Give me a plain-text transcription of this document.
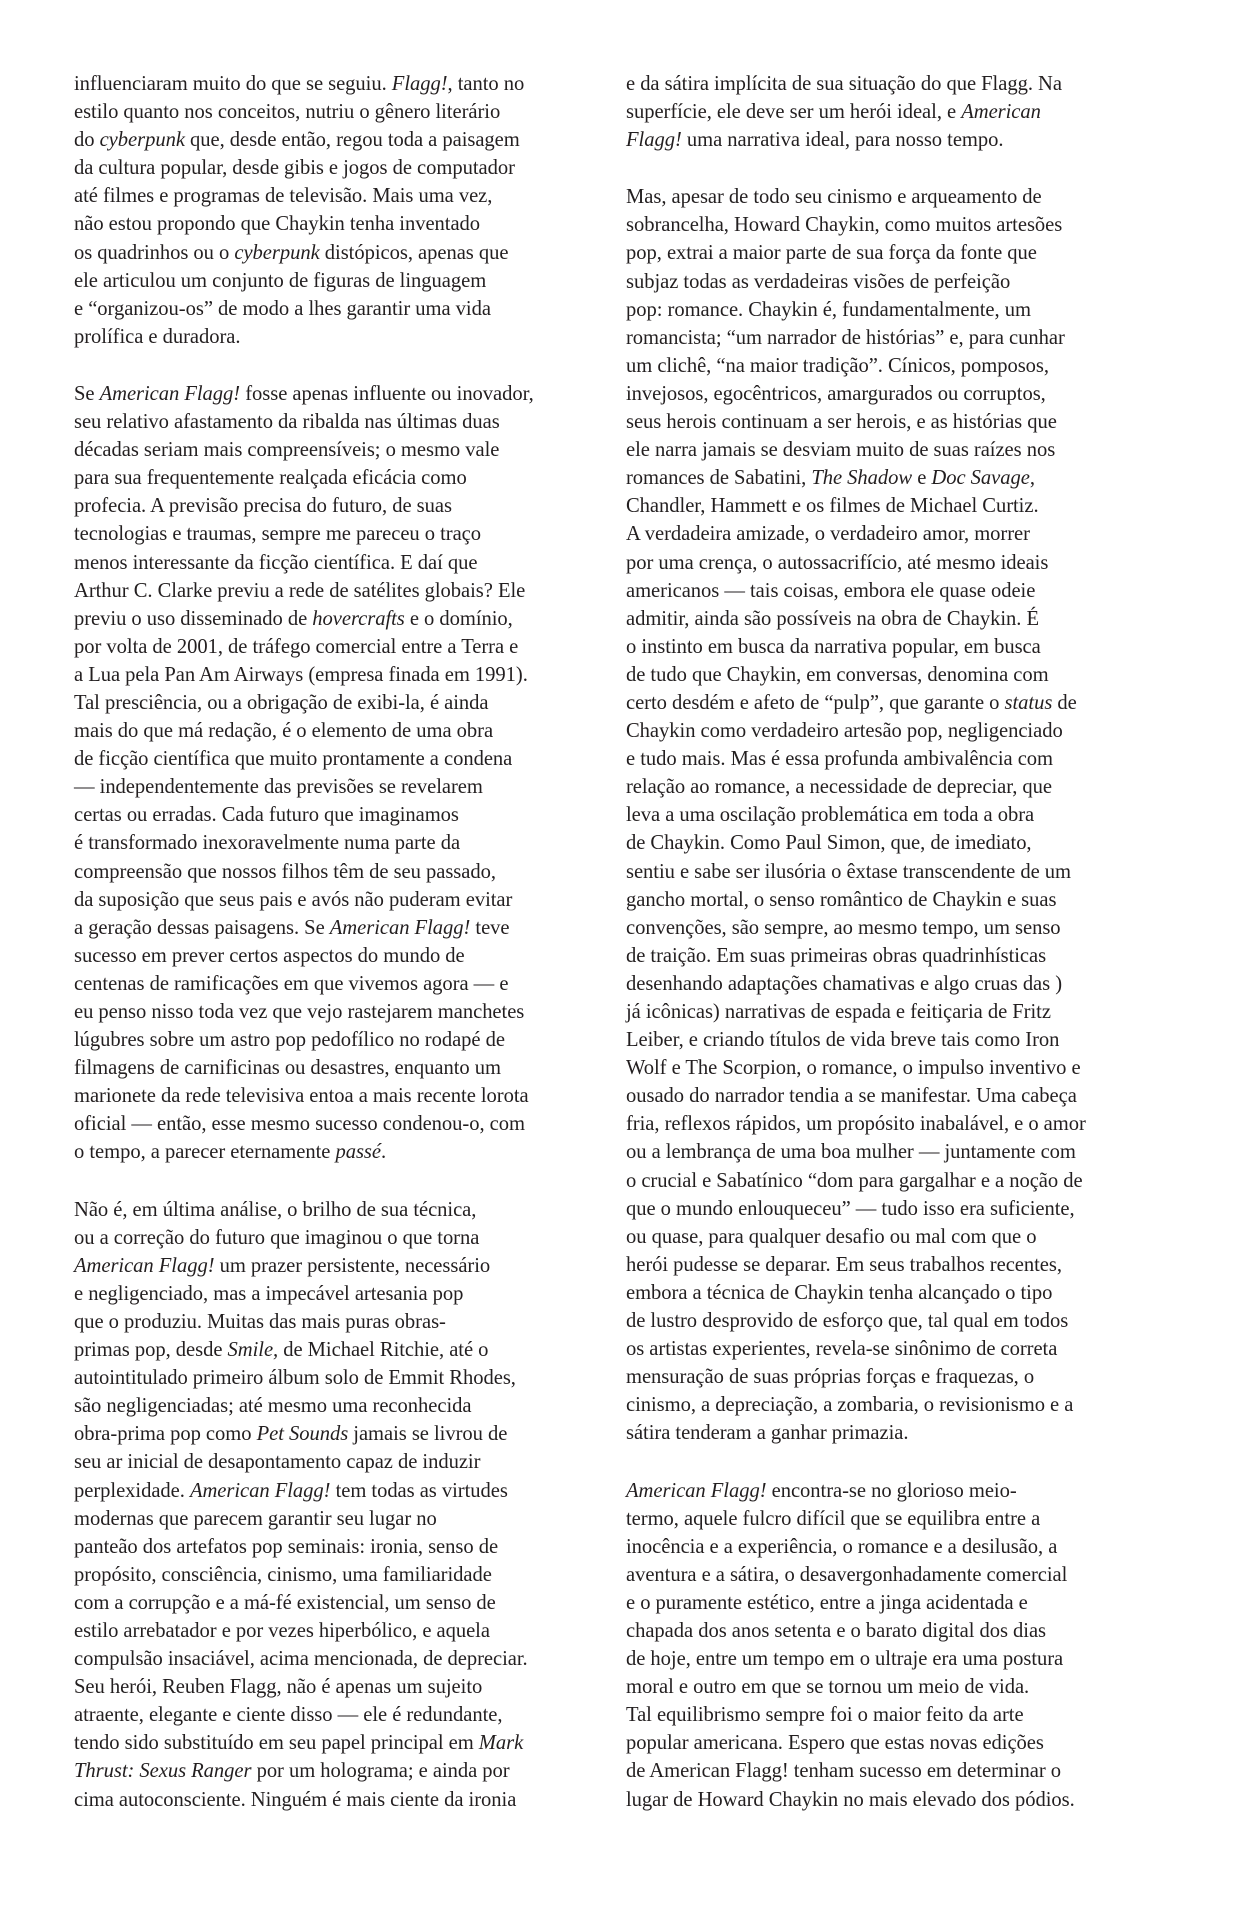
influenciaram muito do que se seguiu. Flagg!, tanto no
estilo quanto nos conceitos, nutriu o gênero literário
do cyberpunk que, desde então, regou toda a paisagem
da cultura popular, desde gibis e jogos de computador
até filmes e programas de televisão. Mais uma vez,
não estou propondo que Chaykin tenha inventado
os quadrinhos ou o cyberpunk distópicos, apenas que
ele articulou um conjunto de figuras de linguagem
e “organizou-os” de modo a lhes garantir uma vida
prolífica e duradora.
Se American Flagg! fosse apenas influente ou inovador,
seu relativo afastamento da ribalda nas últimas duas
décadas seriam mais compreensíveis; o mesmo vale
para sua frequentemente realçada eficácia como
profecia. A previsão precisa do futuro, de suas
tecnologias e traumas, sempre me pareceu o traço
menos interessante da ficção científica. E daí que
Arthur C. Clarke previu a rede de satélites globais? Ele
previu o uso disseminado de hovercrafts e o domínio,
por volta de 2001, de tráfego comercial entre a Terra e
a Lua pela Pan Am Airways (empresa finada em 1991).
Tal presciência, ou a obrigação de exibi-la, é ainda
mais do que má redação, é o elemento de uma obra
de ficção científica que muito prontamente a condena
— independentemente das previsões se revelarem
certas ou erradas. Cada futuro que imaginamos
é transformado inexoravelmente numa parte da
compreensão que nossos filhos têm de seu passado,
da suposição que seus pais e avós não puderam evitar
a geração dessas paisagens. Se American Flagg! teve
sucesso em prever certos aspectos do mundo de
centenas de ramificações em que vivemos agora — e
eu penso nisso toda vez que vejo rastejarem manchetes
lúgubres sobre um astro pop pedofílico no rodapé de
filmagens de carnificinas ou desastres, enquanto um
marionete da rede televisiva entoa a mais recente lorota
oficial — então, esse mesmo sucesso condenou-o, com
o tempo, a parecer eternamente passé.
Não é, em última análise, o brilho de sua técnica,
ou a correção do futuro que imaginou o que torna
American Flagg! um prazer persistente, necessário
e negligenciado, mas a impecável artesania pop
que o produziu. Muitas das mais puras obras-
primas pop, desde Smile, de Michael Ritchie, até o
autointitulado primeiro álbum solo de Emmit Rhodes,
são negligenciadas; até mesmo uma reconhecida
obra-prima pop como Pet Sounds jamais se livrou de
seu ar inicial de desapontamento capaz de induzir
perplexidade. American Flagg! tem todas as virtudes
modernas que parecem garantir seu lugar no
panteão dos artefatos pop seminais: ironia, senso de
propósito, consciência, cinismo, uma familiaridade
com a corrupção e a má-fé existencial, um senso de
estilo arrebatador e por vezes hiperbólico, e aquela
compulsão insaciável, acima mencionada, de depreciar.
Seu herói, Reuben Flagg, não é apenas um sujeito
atraente, elegante e ciente disso — ele é redundante,
tendo sido substituído em seu papel principal em Mark
Thrust: Sexus Ranger por um holograma; e ainda por
cima autoconsciente. Ninguém é mais ciente da ironia
e da sátira implícita de sua situação do que Flagg. Na
superfície, ele deve ser um herói ideal, e American
Flagg! uma narrativa ideal, para nosso tempo.
Mas, apesar de todo seu cinismo e arqueamento de
sobrancelha, Howard Chaykin, como muitos artesões
pop, extrai a maior parte de sua força da fonte que
subjaz todas as verdadeiras visões de perfeição
pop: romance. Chaykin é, fundamentalmente, um
romancista; “um narrador de histórias” e, para cunhar
um clichê, “na maior tradição”. Cínicos, pomposos,
invejosos, egocêntricos, amargurados ou corruptos,
seus herois continuam a ser herois, e as histórias que
ele narra jamais se desviam muito de suas raízes nos
romances de Sabatini, The Shadow e Doc Savage,
Chandler, Hammett e os filmes de Michael Curtiz.
A verdadeira amizade, o verdadeiro amor, morrer
por uma crença, o autossacrifício, até mesmo ideais
americanos — tais coisas, embora ele quase odeie
admitir, ainda são possíveis na obra de Chaykin. É
o instinto em busca da narrativa popular, em busca
de tudo que Chaykin, em conversas, denomina com
certo desdém e afeto de “pulp”, que garante o status de
Chaykin como verdadeiro artesão pop, negligenciado
e tudo mais. Mas é essa profunda ambivalência com
relação ao romance, a necessidade de depreciar, que
leva a uma oscilação problemática em toda a obra
de Chaykin. Como Paul Simon, que, de imediato,
sentiu e sabe ser ilusória o êxtase transcendente de um
gancho mortal, o senso romântico de Chaykin e suas
convenções, são sempre, ao mesmo tempo, um senso
de traição. Em suas primeiras obras quadrinhísticas
desenhando adaptações chamativas e algo cruas das )
já icônicas) narrativas de espada e feitiçaria de Fritz
Leiber, e criando títulos de vida breve tais como Iron
Wolf e The Scorpion, o romance, o impulso inventivo e
ousado do narrador tendia a se manifestar. Uma cabeça
fria, reflexos rápidos, um propósito inabalável, e o amor
ou a lembrança de uma boa mulher — juntamente com
o crucial e Sabatínico “dom para gargalhar e a noção de
que o mundo enlouqueceu” — tudo isso era suficiente,
ou quase, para qualquer desafio ou mal com que o
herói pudesse se deparar. Em seus trabalhos recentes,
embora a técnica de Chaykin tenha alcançado o tipo
de lustro desprovido de esforço que, tal qual em todos
os artistas experientes, revela-se sinônimo de correta
mensuração de suas próprias forças e fraquezas, o
cinismo, a depreciação, a zombaria, o revisionismo e a
sátira tenderam a ganhar primazia.
American Flagg! encontra-se no glorioso meio-
termo, aquele fulcro difícil que se equilibra entre a
inocência e a experiência, o romance e a desilusão, a
aventura e a sátira, o desavergonhadamente comercial
e o puramente estético, entre a jinga acidentada e
chapada dos anos setenta e o barato digital dos dias
de hoje, entre um tempo em o ultraje era uma postura
moral e outro em que se tornou um meio de vida.
Tal equilibrismo sempre foi o maior feito da arte
popular americana. Espero que estas novas edições
de American Flagg! tenham sucesso em determinar o
lugar de Howard Chaykin no mais elevado dos pódios.
